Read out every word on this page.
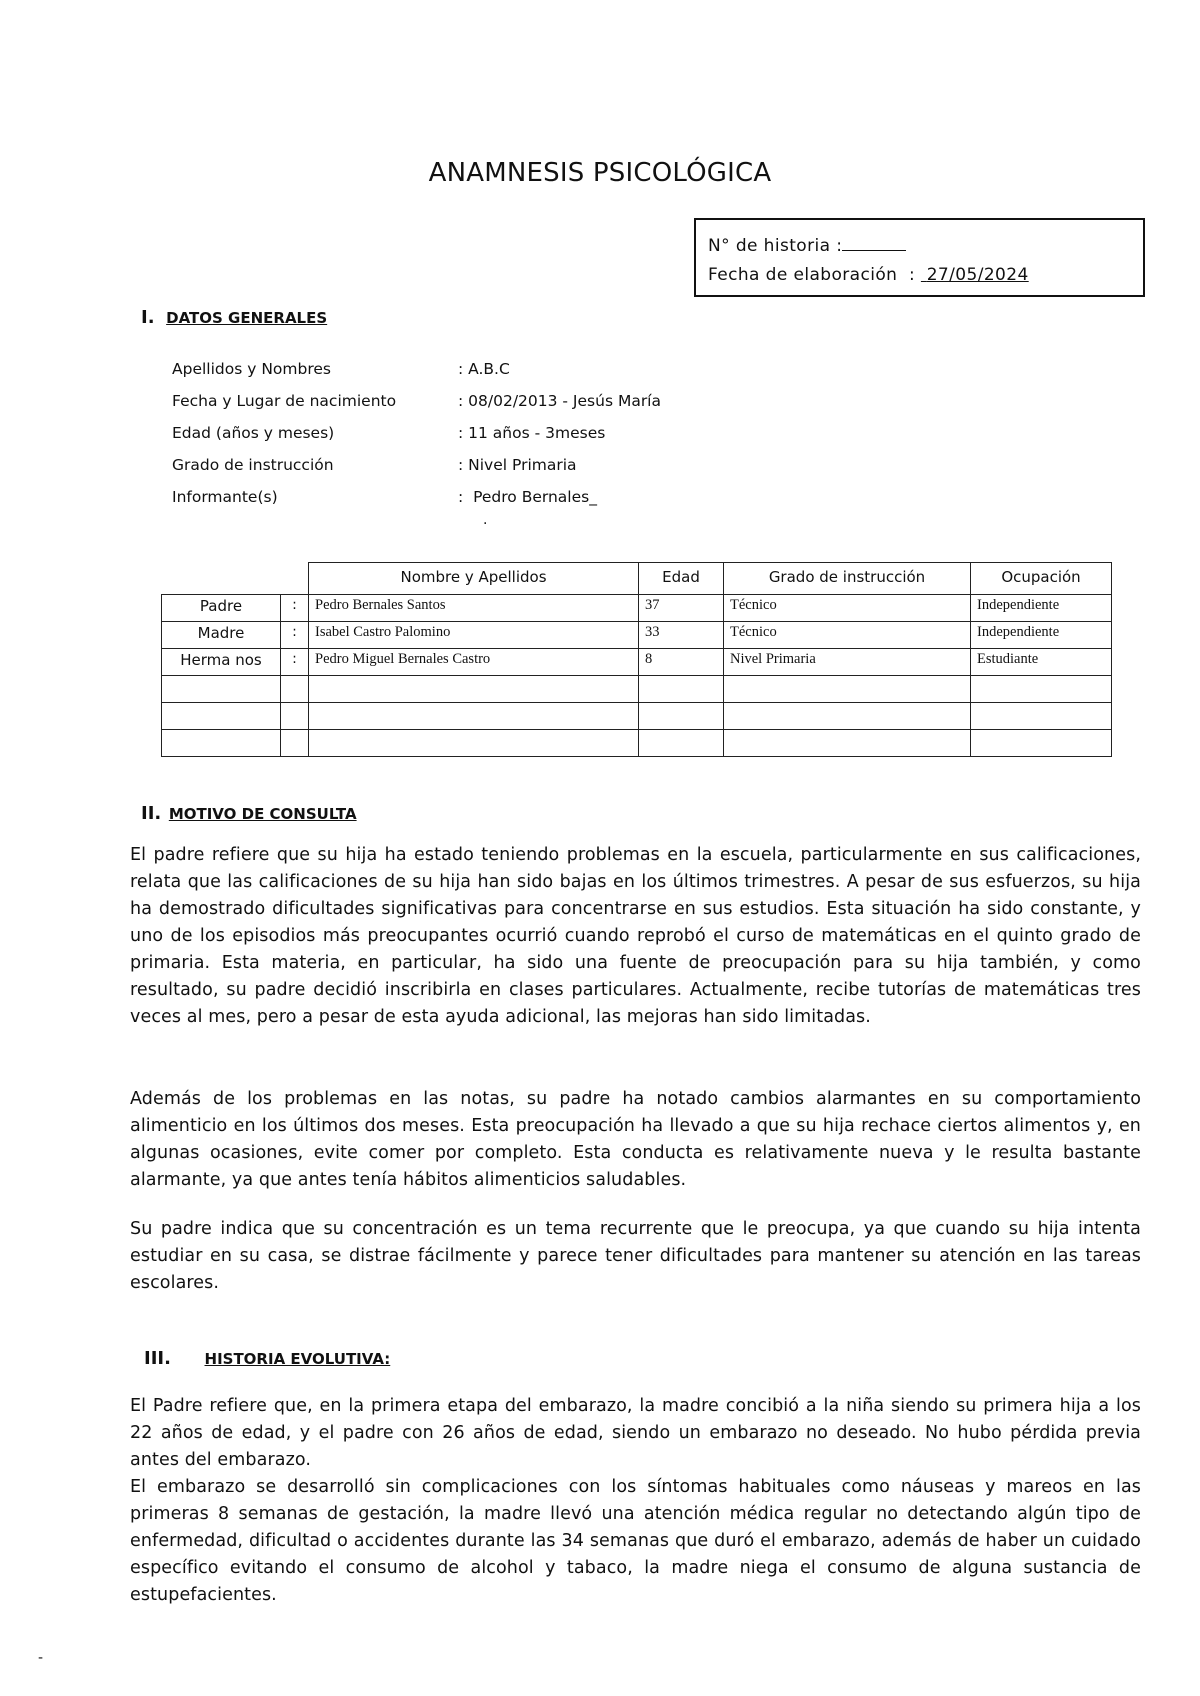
ANAMNESIS PSICOLÓGICA
N° de historia :
Fecha de elaboración  : 27/05/2024
I. DATOS GENERALES
Apellidos y Nombres	: A.B.C
Fecha y Lugar de nacimiento	: 08/02/2013 - Jesús María
Edad (años y meses)	: 11 años - 3meses
Grado de instrucción	: Nivel Primaria
Informante(s)	:  Pedro Bernales_
.
		Nombre y Apellidos	Edad	Grado de instrucción	Ocupación
Padre	:	Pedro Bernales Santos	37	Técnico	Independiente
Madre	:	Isabel Castro Palomino	33	Técnico	Independiente
Herma nos	:	Pedro Miguel Bernales Castro	8	Nivel Primaria	Estudiante

II. MOTIVO DE CONSULTA

El padre refiere que su hija ha estado teniendo problemas en la escuela, particularmente en sus calificaciones, relata que las calificaciones de su hija han sido bajas en los últimos trimestres. A pesar de sus esfuerzos, su hija ha demostrado dificultades significativas para concentrarse en sus estudios. Esta situación ha sido constante, y uno de los episodios más preocupantes ocurrió cuando reprobó el curso de matemáticas en el quinto grado de primaria. Esta materia, en particular, ha sido una fuente de preocupación para su hija también, y como resultado, su padre decidió inscribirla en clases particulares. Actualmente, recibe tutorías de matemáticas tres veces al mes, pero a pesar de esta ayuda adicional, las mejoras han sido limitadas.

Además de los problemas en las notas, su padre ha notado cambios alarmantes en su comportamiento alimenticio en los últimos dos meses. Esta preocupación ha llevado a que su hija rechace ciertos alimentos y, en algunas ocasiones, evite comer por completo. Esta conducta es relativamente nueva y le resulta bastante alarmante, ya que antes tenía hábitos alimenticios saludables.

Su padre indica que su concentración es un tema recurrente que le preocupa, ya que cuando su hija intenta estudiar en su casa, se distrae fácilmente y parece tener dificultades para mantener su atención en las tareas escolares.

III. HISTORIA EVOLUTIVA:

El Padre refiere que, en la primera etapa del embarazo, la madre concibió a la niña siendo su primera hija a los 22 años de edad, y el padre con 26 años de edad, siendo un embarazo no deseado. No hubo pérdida previa antes del embarazo.

El embarazo se desarrolló sin complicaciones con los síntomas habituales como náuseas y mareos en las primeras 8 semanas de gestación, la madre llevó una atención médica regular no detectando algún tipo de enfermedad, dificultad o accidentes durante las 34 semanas que duró el embarazo, además de haber un cuidado específico evitando el consumo de alcohol y tabaco, la madre niega el consumo de alguna sustancia de estupefacientes.

-
